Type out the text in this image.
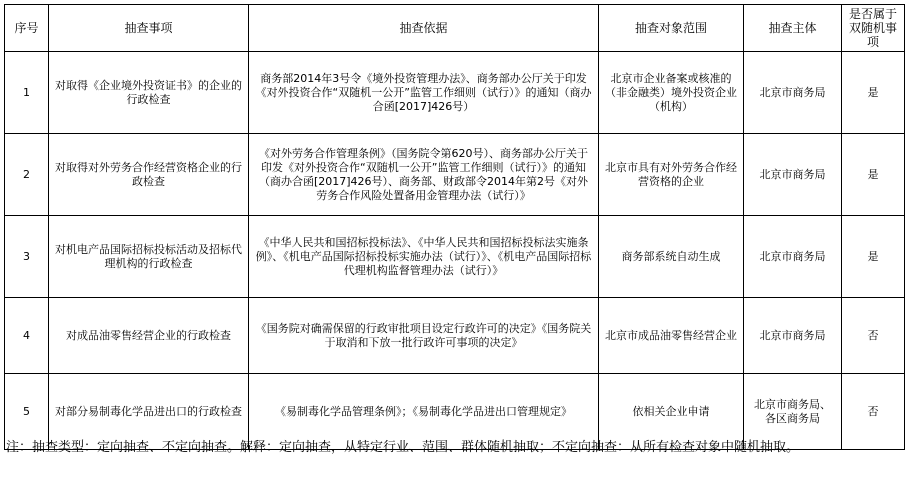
序号	抽查事项	抽查依据	抽查对象范围	抽查主体	是否属于双随机事项
1	对取得《企业境外投资证书》的企业的行政检查	商务部2014年3号令《境外投资管理办法》、商务部办公厅关于印发《对外投资合作“双随机一公开”监管工作细则（试行）》的通知（商办合函[2017]426号）	北京市企业备案或核准的（非金融类）境外投资企业（机构）	北京市商务局	是
2	对取得对外劳务合作经营资格企业的行政检查	《对外劳务合作管理条例》（国务院令第620号）、商务部办公厅关于印发《对外投资合作“双随机一公开”监管工作细则（试行）》的通知（商办合函[2017]426号）、商务部、财政部令2014年第2号《对外劳务合作风险处置备用金管理办法（试行）》	北京市具有对外劳务合作经营资格的企业	北京市商务局	是
3	对机电产品国际招标投标活动及招标代理机构的行政检查	《中华人民共和国招标投标法》、《中华人民共和国招标投标法实施条例》、《机电产品国际招标投标实施办法（试行）》、《机电产品国际招标代理机构监督管理办法（试行）》	商务部系统自动生成	北京市商务局	是
4	对成品油零售经营企业的行政检查	《国务院对确需保留的行政审批项目设定行政许可的决定》《国务院关于取消和下放一批行政许可事项的决定》	北京市成品油零售经营企业	北京市商务局	否
5	对部分易制毒化学品进出口的行政检查	《易制毒化学品管理条例》；《易制毒化学品进出口管理规定》	依相关企业申请	北京市商务局、各区商务局	否
注：抽查类型：定向抽查、不定向抽查。解释：定向抽查，从特定行业、范围、群体随机抽取；不定向抽查：从所有检查对象中随机抽取。
